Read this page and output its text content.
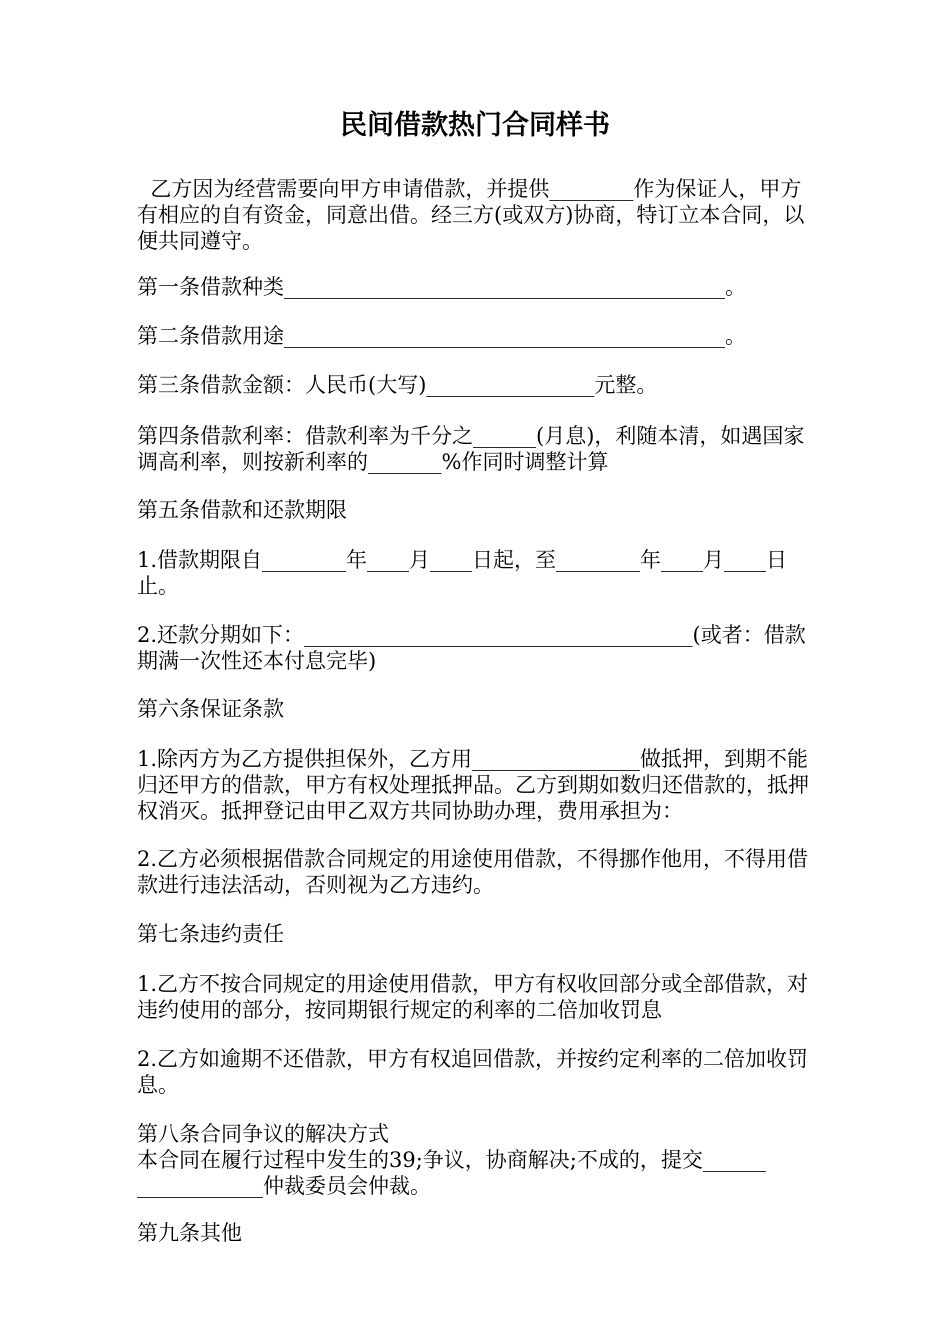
民间借款热门合同样书

乙方因为经营需要向甲方申请借款，并提供________作为保证人，甲方有相应的自有资金，同意出借。经三方(或双方)协商，特订立本合同，以便共同遵守。

第一条借款种类__________________________________________。

第二条借款用途__________________________________________。

第三条借款金额：人民币(大写)________________元整。

第四条借款利率：借款利率为千分之______(月息)，利随本清，如遇国家调高利率，则按新利率的_______%作同时调整计算

第五条借款和还款期限

1.借款期限自________年____月____日起，至________年____月____日止。

2.还款分期如下：_____________________________________(或者：借款期满一次性还本付息完毕)

第六条保证条款

1.除丙方为乙方提供担保外，乙方用________________做抵押，到期不能归还甲方的借款，甲方有权处理抵押品。乙方到期如数归还借款的，抵押权消灭。抵押登记由甲乙双方共同协助办理，费用承担为：

2.乙方必须根据借款合同规定的用途使用借款，不得挪作他用，不得用借款进行违法活动，否则视为乙方违约。

第七条违约责任

1.乙方不按合同规定的用途使用借款，甲方有权收回部分或全部借款，对违约使用的部分，按同期银行规定的利率的二倍加收罚息

2.乙方如逾期不还借款，甲方有权追回借款，并按约定利率的二倍加收罚息。

第八条合同争议的解决方式
本合同在履行过程中发生的39;争议，协商解决;不成的，提交______
____________仲裁委员会仲裁。

第九条其他
